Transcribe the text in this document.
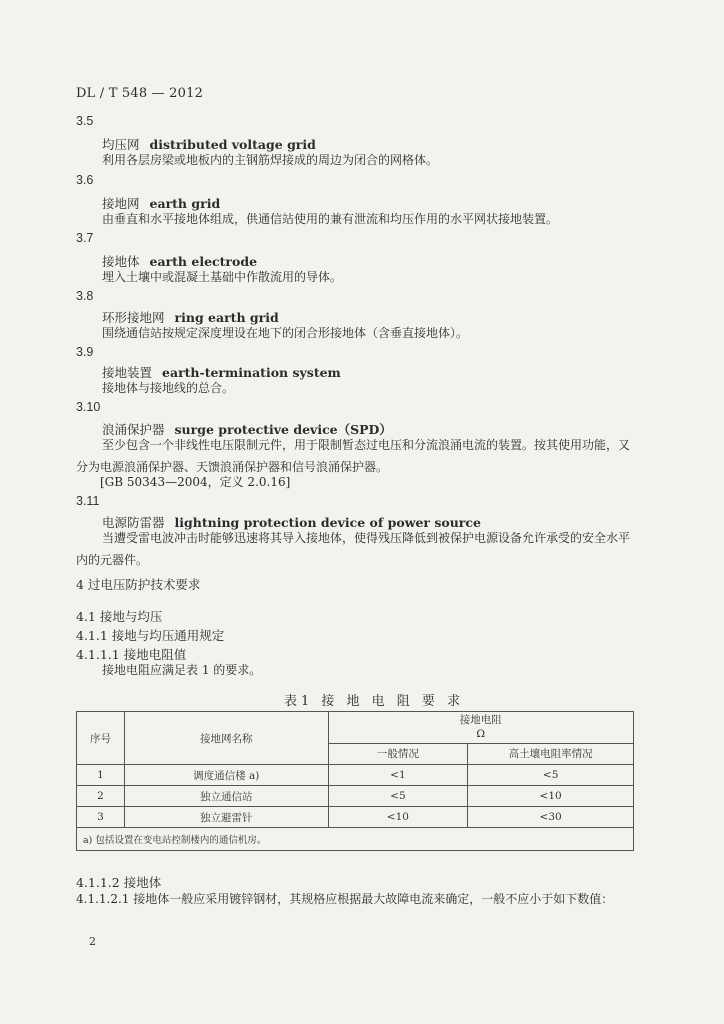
DL / T 548 — 2012
3.5
均压网 distributed voltage grid
利用各层房梁或地板内的主钢筋焊接成的周边为闭合的网格体。
3.6
接地网 earth grid
由垂直和水平接地体组成，供通信站使用的兼有泄流和均压作用的水平网状接地装置。
3.7
接地体 earth electrode
埋入土壤中或混凝土基础中作散流用的导体。
3.8
环形接地网 ring earth grid
围绕通信站按规定深度埋设在地下的闭合形接地体（含垂直接地体）。
3.9
接地装置 earth-termination system
接地体与接地线的总合。
3.10
浪涌保护器 surge protective device（SPD）
至少包含一个非线性电压限制元件，用于限制暂态过电压和分流浪涌电流的装置。按其使用功能，又分为电源浪涌保护器、天馈浪涌保护器和信号浪涌保护器。
[GB 50343—2004，定义 2.0.16]
3.11
电源防雷器 lightning protection device of power source
当遭受雷电波冲击时能够迅速将其导入接地体，使得残压降低到被保护电源设备允许承受的安全水平内的元器件。
4 过电压防护技术要求
4.1 接地与均压
4.1.1 接地与均压通用规定
4.1.1.1 接地电阻值
接地电阻应满足表 1 的要求。
表1 接 地 电 阻 要 求
序号	接地网名称	接地电阻
Ω	

		一般情况	高土壤电阻率情况
1	调度通信楼 a)	<1	<5
2	独立通信站	<5	<10
3	独立避雷针	<10	<30
a) 包括设置在变电站控制楼内的通信机房。			
4.1.1.2 接地体
4.1.1.2.1 接地体一般应采用镀锌钢材，其规格应根据最大故障电流来确定，一般不应小于如下数值：
2
